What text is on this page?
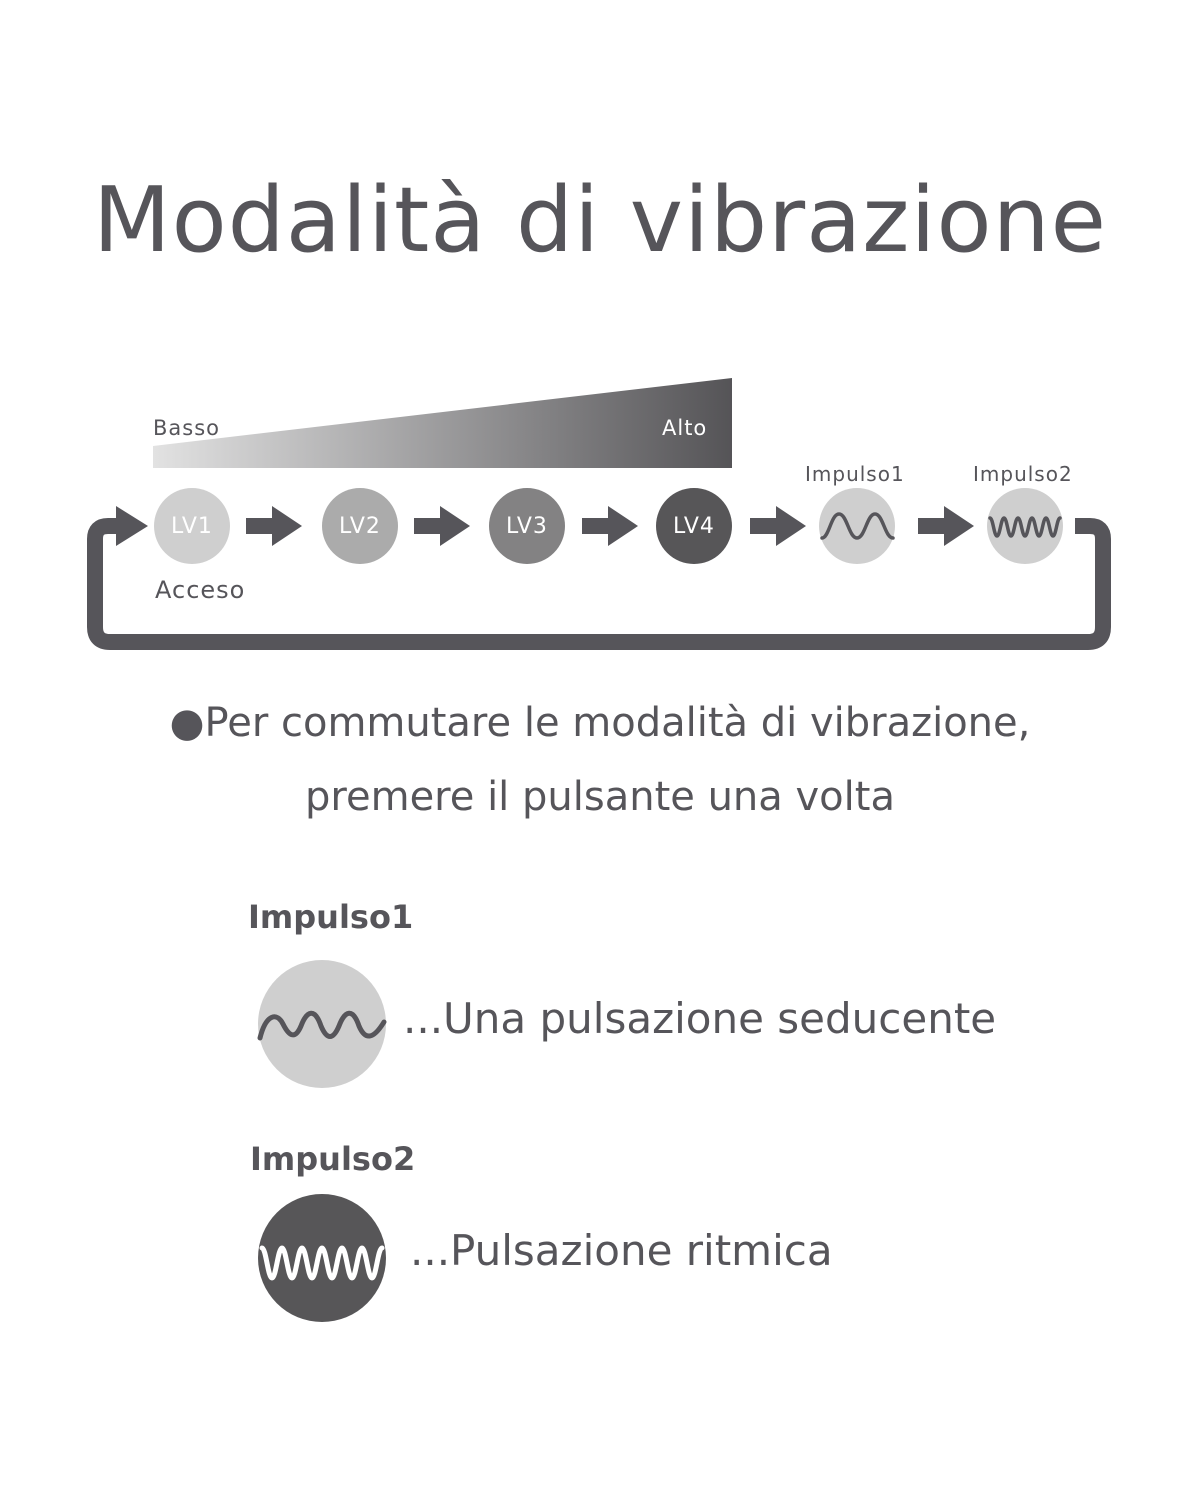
Modalità di vibrazione
Basso	Alto
LV1	LV2	LV3	LV4
Impulso1	Impulso2
Acceso
●Per commutare le modalità di vibrazione,
premere il pulsante una volta
Impulso1
...Una pulsazione seducente
Impulso2
...Pulsazione ritmica
